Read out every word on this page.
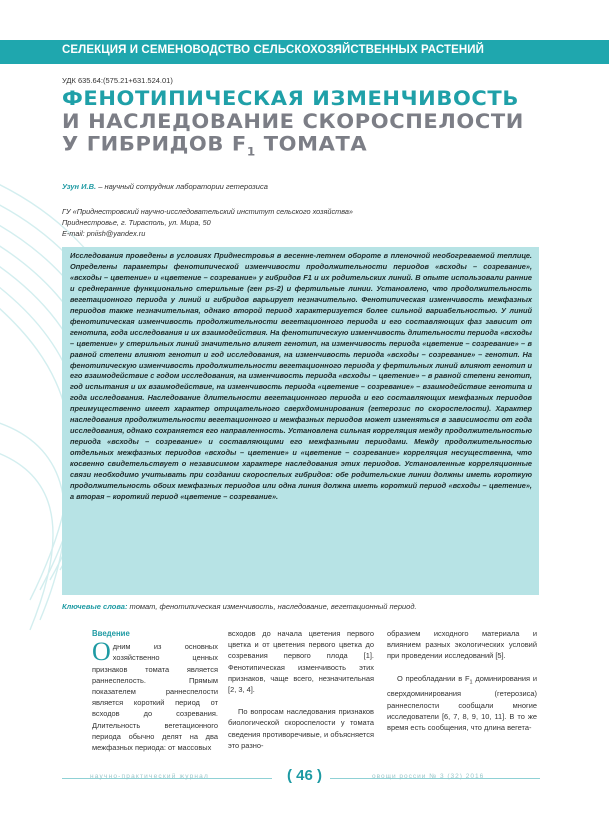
СЕЛЕКЦИЯ И СЕМЕНОВОДСТВО СЕЛЬСКОХОЗЯЙСТВЕННЫХ РАСТЕНИЙ
УДК 635.64:(575.21+631.524.01)
ФЕНОТИПИЧЕСКАЯ ИЗМЕНЧИВОСТЬ
И НАСЛЕДОВАНИЕ СКОРОСПЕЛОСТИ
У ГИБРИДОВ $F_1$ ТОМАТА
Узун И.В. – научный сотрудник лаборатории гетерозиса
ГУ «Приднестровский научно-исследовательский институт сельского хозяйства»
Приднестровье, г. Тирасполь, ул. Мира, 50
E-mail: pniish@yandex.ru
Исследования проведены в условиях Приднестровья в весенне-летнем обороте в пленочной необогреваемой теплице. Определены параметры фенотипической изменчивости продолжительности периодов «всходы – созревание», «всходы – цветение» и «цветение – созревание» у гибридов F1 и их родительских линий. В опыте использовали ранние и среднеранние функционально стерильные (ген ps-2) и фертильные линии. Установлено, что продолжительность вегетационного периода у линий и гибридов варьирует незначительно. Фенотипическая изменчивость межфазных периодов также незначительная, однако второй период характеризуется более сильной вариабельностью. У линий фенотипическая изменчивость продолжительности вегетационного периода и его составляющих фаз зависит от генотипа, года исследования и их взаимодействия. На фенотипическую изменчивость длительности периода «всходы – цветение» у стерильных линий значительно влияет генотип, на изменчивость периода «цветение – созревание» – в равной степени влияют генотип и год исследования, на изменчивость периода «всходы – созревание» – генотип. На фенотипическую изменчивость продолжительности вегетационного периода у фертильных линий влияют генотип и его взаимодействие с годом исследования, на изменчивость периода «всходы – цветение» – в равной степени генотип, год испытания и их взаимодействие, на изменчивость периода «цветение – созревание» – взаимодействие генотипа и года исследования. Наследование длительности вегетационного периода и его составляющих межфазных периодов преимущественно имеет характер отрицательного сверхдоминирования (гетерозис по скороспелости). Характер наследования продолжительности вегетационного и межфазных периодов может изменяться в зависимости от года исследования, однако сохраняется его направленность. Установлена сильная корреляция между продолжительностью периода «всходы – созревание» и составляющими его межфазными периодами. Между продолжительностью отдельных межфазных периодов «всходы – цветение» и «цветение – созревание» корреляция несущественна, что косвенно свидетельствует о независимом характере наследования этих периодов. Установленные корреляционные связи необходимо учитывать при создании скороспелых гибридов: обе родительские линии должны иметь короткую продолжительность обоих межфазных периодов или одна линия должна иметь короткий период «всходы – цветение», а вторая – короткий период «цветение – созревание».
Ключевые слова: томат, фенотипическая изменчивость, наследование, вегетационный период.
Введение

Одним из основных хозяйственно ценных признаков томата является раннеспелость. Прямым показателем раннеспелости является короткий период от всходов до созревания. Длительность вегетационного периода обычно делят на два межфазных периода: от массовых

всходов до начала цветения первого цветка и от цветения первого цветка до созревания первого плода [1]. Фенотипическая изменчивость этих признаков, чаще всего, незначительная [2, 3, 4].

По вопросам наследования признаков биологической скороспелости у томата сведения противоречивые, и объясняется это разно-

образием исходного материала и влиянием разных экологических условий при проведении исследований [5].

О преобладании в $F_1$ доминирования и сверхдоминирования (гетерозиса) раннеспелости сообщали многие исследователи [6, 7, 8, 9, 10, 11]. В то же время есть сообщения, что длина вегета-

научно-практический журнал	( 46 )	овощи россии № 3 (32) 2016
